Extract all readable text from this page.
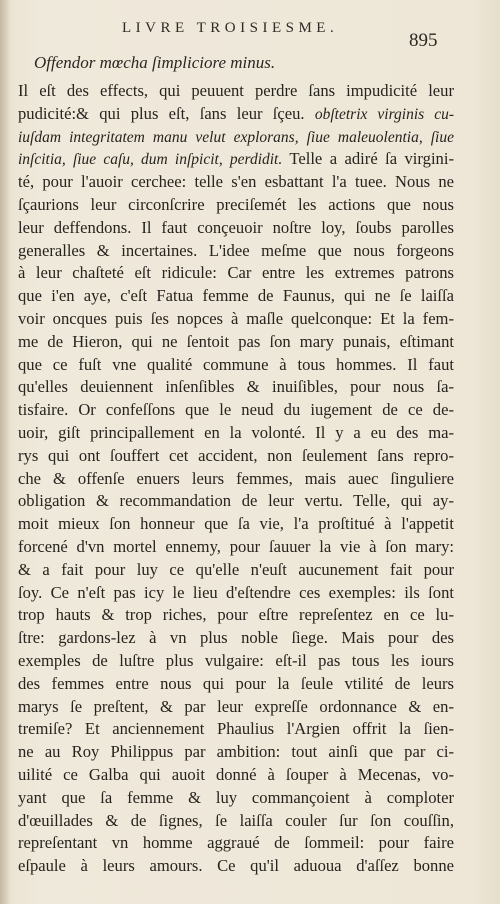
LIVRE TROISIESME.
895
Offendor mœcha ſimpliciore minus.
Il eſt des effects, qui peuuent perdre ſans impudicité leur
pudicité:& qui plus eſt, ſans leur ſçeu. obſtetrix virginis cu-
iuſdam integritatem manu velut explorans, ſiue maleuolentia, ſiue
inſcitia, ſiue caſu, dum inſpicit, perdidit. Telle a adiré ſa virgini-
té, pour l'auoir cerchee: telle s'en esbattant l'a tuee. Nous ne
ſçaurions leur circonſcrire preciſemét les actions que nous
leur deffendons. Il faut conçeuoir noſtre loy, ſoubs parolles
generalles & incertaines. L'idee meſme que nous forgeons
à leur chaſteté eſt ridicule: Car entre les extremes patrons
que i'en aye, c'eſt Fatua femme de Faunus, qui ne ſe laiſſa
voir oncques puis ſes nopces à maſle quelconque: Et la fem-
me de Hieron, qui ne ſentoit pas ſon mary punais, eſtimant
que ce fuſt vne qualité commune à tous hommes. Il faut
qu'elles deuiennent inſenſibles & inuiſibles, pour nous ſa-
tisfaire. Or confeſſons que le neud du iugement de ce de-
uoir, giſt principallement en la volonté. Il y a eu des ma-
rys qui ont ſouffert cet accident, non ſeulement ſans repro-
che & offenſe enuers leurs femmes, mais auec ſinguliere
obligation & recommandation de leur vertu. Telle, qui ay-
moit mieux ſon honneur que ſa vie, l'a proſtitué à l'appetit
forcené d'vn mortel ennemy, pour ſauuer la vie à ſon mary:
& a fait pour luy ce qu'elle n'euſt aucunement fait pour
ſoy. Ce n'eſt pas icy le lieu d'eſtendre ces exemples: ils ſont
trop hauts & trop riches, pour eſtre repreſentez en ce lu-
ſtre: gardons-lez à vn plus noble ſiege. Mais pour des
exemples de luſtre plus vulgaire: eſt-il pas tous les iours
des femmes entre nous qui pour la ſeule vtilité de leurs
marys ſe preſtent, & par leur expreſſe ordonnance & en-
tremiſe? Et anciennement Phaulius l'Argien offrit la ſien-
ne au Roy Philippus par ambition: tout ainſi que par ci-
uilité ce Galba qui auoit donné à ſouper à Mecenas, vo-
yant que ſa femme & luy commançoient à comploter
d'œuillades & de ſignes, ſe laiſſa couler ſur ſon couſſin,
repreſentant vn homme aggraué de ſommeil: pour faire
eſpaule à leurs amours. Ce qu'il aduoua d'aſſez bonne
